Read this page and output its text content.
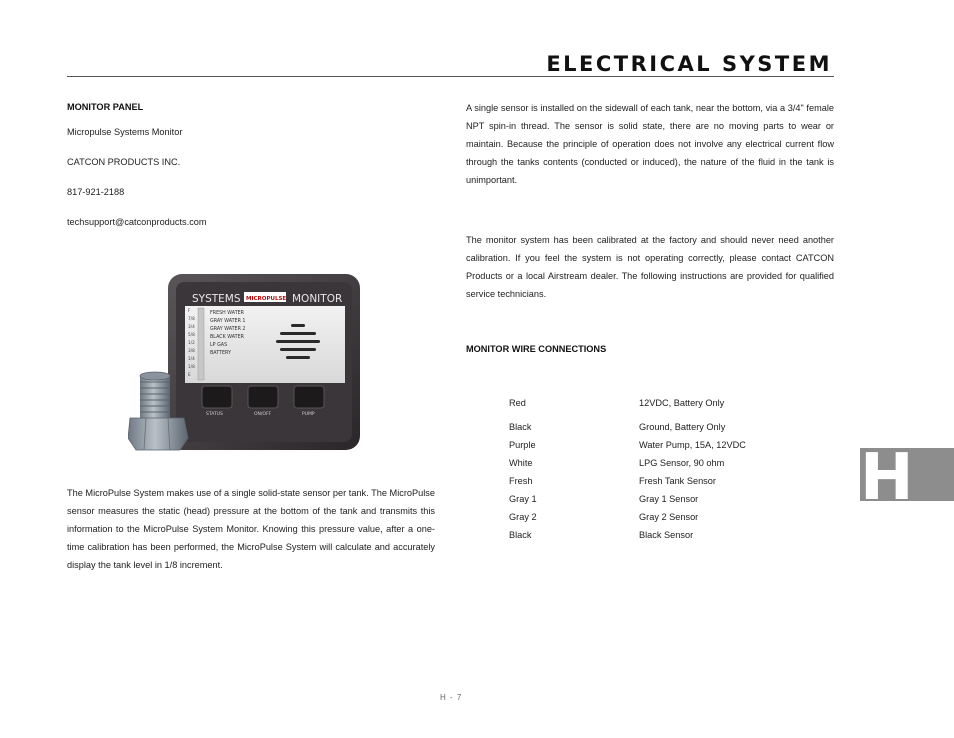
ELECTRICAL SYSTEM
MONITOR PANEL
Micropulse Systems Monitor
CATCON PRODUCTS INC.
817-921-2188
techsupport@catconproducts.com
SYSTEMS MICROPULSE MONITOR
F
7/8
3/4
5/8
1/2
3/8
1/4
1/8
E
FRESH WATER
GRAY WATER 1
GRAY WATER 2
BLACK WATER
LP GAS
BATTERY
STATUS	ON/OFF	PUMP
The MicroPulse System makes use of a single solid-state sensor per tank. The MicroPulse sensor measures the static (head) pressure at the bottom of the tank and transmits this information to the MicroPulse System Monitor. Knowing this pressure value, after a one-time calibration has been performed, the MicroPulse System will calculate and accurately display the tank level in 1/8 increment.
A single sensor is installed on the sidewall of each tank, near the bottom, via a 3/4" female NPT spin-in thread. The sensor is solid state, there are no moving parts to wear or maintain. Because the principle of operation does not involve any electrical current flow through the tanks contents (conducted or induced), the nature of the fluid in the tank is unimportant.
The monitor system has been calibrated at the factory and should never need another calibration. If you feel the system is not operating correctly, please contact CATCON Products or a local Airstream dealer. The following instructions are provided for qualified service technicians.
MONITOR WIRE CONNECTIONS
Red	12VDC, Battery Only
Black	Ground, Battery Only
Purple	Water Pump, 15A, 12VDC
White	LPG Sensor, 90 ohm
Fresh	Fresh Tank Sensor
Gray 1	Gray 1 Sensor
Gray 2	Gray 2 Sensor
Black	Black Sensor
H
H - 7
